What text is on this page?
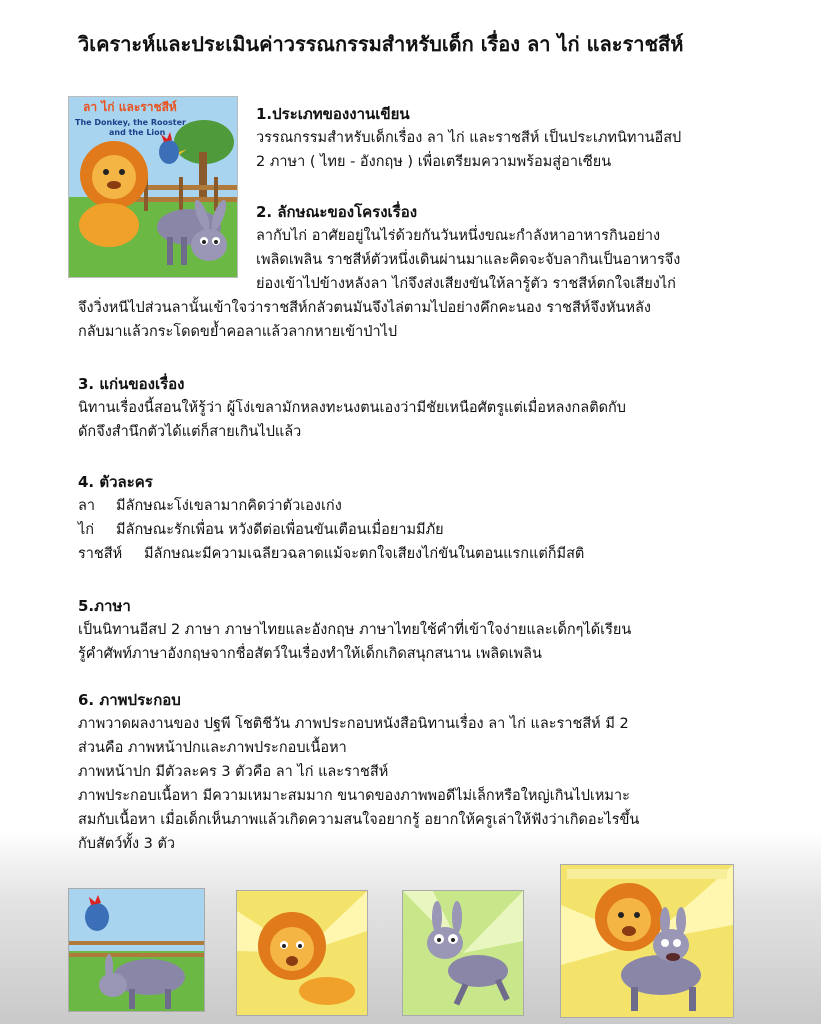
วิเคราะห์และประเมินค่าวรรณกรรมสำหรับเด็ก เรื่อง ลา ไก่ และราชสีห์
ลา ไก่ และราชสีห์
The Donkey, the Rooster
and the Lion
1.ประเภทของงานเขียน
วรรณกรรมสำหรับเด็กเรื่อง ลา ไก่ และราชสีห์ เป็นประเภทนิทานอีสป
2 ภาษา ( ไทย - อังกฤษ ) เพื่อเตรียมความพร้อมสู่อาเซียน
2. ลักษณะของโครงเรื่อง
ลากับไก่ อาศัยอยู่ในไร่ด้วยกันวันหนึ่งขณะกำลังหาอาหารกินอย่าง
เพลิดเพลิน ราชสีห์ตัวหนึ่งเดินผ่านมาและคิดจะจับลากินเป็นอาหารจึง
ย่องเข้าไปข้างหลังลา ไก่จึงส่งเสียงขันให้ลารู้ตัว ราชสีห์ตกใจเสียงไก่
จึงวิ่งหนีไปส่วนลานั้นเข้าใจว่าราชสีห์กลัวตนมันจึงไล่ตามไปอย่างคึกคะนอง ราชสีห์จึงหันหลัง
กลับมาแล้วกระโดดขย้ำคอลาแล้วลากหายเข้าป่าไป
3. แก่นของเรื่อง
นิทานเรื่องนี้สอนให้รู้ว่า ผู้โง่เขลามักหลงทะนงตนเองว่ามีชัยเหนือศัตรูแต่เมื่อหลงกลติดกับ
ดักจึงสำนึกตัวได้แต่ก็สายเกินไปแล้ว
4. ตัวละคร
ลา	มีลักษณะโง่เขลามากคิดว่าตัวเองเก่ง
ไก่	มีลักษณะรักเพื่อน หวังดีต่อเพื่อนขันเตือนเมื่อยามมีภัย
ราชสีห์	มีลักษณะมีความเฉลียวฉลาดแม้จะตกใจเสียงไก่ขันในตอนแรกแต่ก็มีสติ
5.ภาษา
เป็นนิทานอีสป 2 ภาษา ภาษาไทยและอังกฤษ ภาษาไทยใช้คำที่เข้าใจง่ายและเด็กๆได้เรียน
รู้คำศัพท์ภาษาอังกฤษจากชื่อสัตว์ในเรื่องทำให้เด็กเกิดสนุกสนาน เพลิดเพลิน
6. ภาพประกอบ
ภาพวาดผลงานของ ปฐพี โชติชีวัน ภาพประกอบหนังสือนิทานเรื่อง ลา ไก่ และราชสีห์ มี 2
ส่วนคือ ภาพหน้าปกและภาพประกอบเนื้อหา
ภาพหน้าปก มีตัวละคร 3 ตัวคือ ลา ไก่ และราชสีห์
ภาพประกอบเนื้อหา มีความเหมาะสมมาก ขนาดของภาพพอดีไม่เล็กหรือใหญ่เกินไปเหมาะ
สมกับเนื้อหา เมื่อเด็กเห็นภาพแล้วเกิดความสนใจอยากรู้ อยากให้ครูเล่าให้ฟังว่าเกิดอะไรขึ้น
กับสัตว์ทั้ง 3 ตัว
